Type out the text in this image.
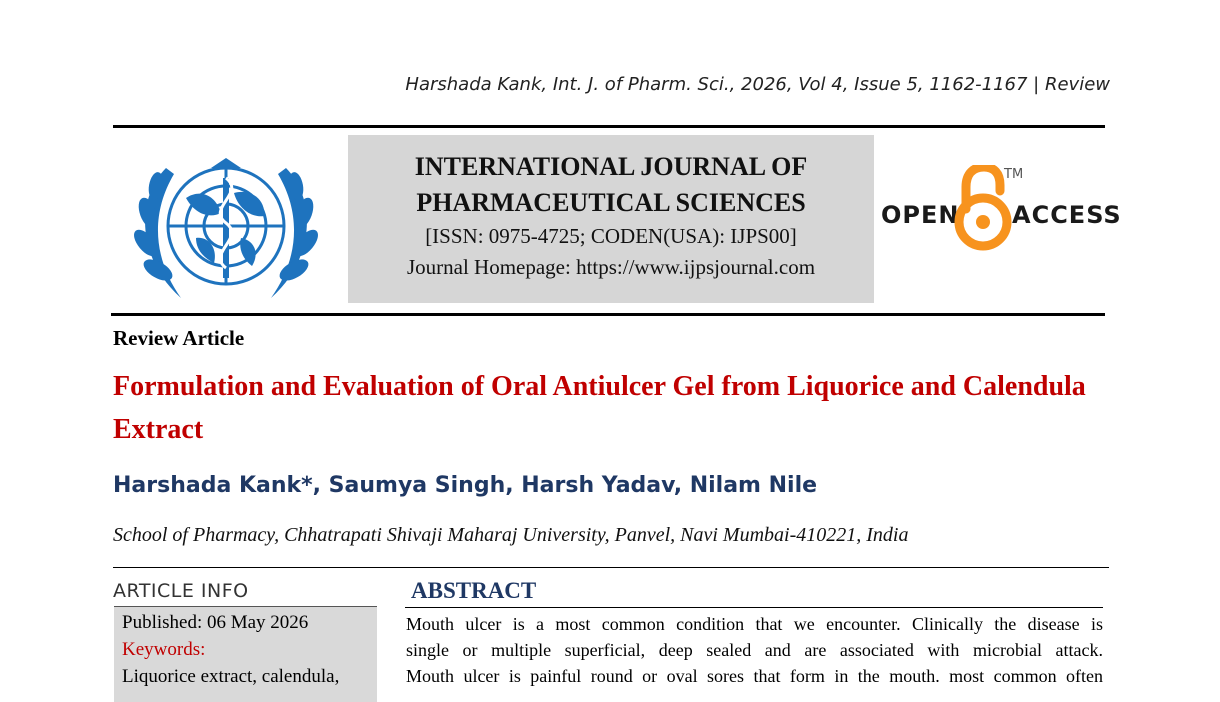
Harshada Kank, Int. J. of Pharm. Sci., 2026, Vol 4, Issue 5, 1162-1167 | Review
INTERNATIONAL JOURNAL OF
PHARMACEUTICAL SCIENCES
[ISSN: 0975-4725; CODEN(USA): IJPS00]
Journal Homepage: https://www.ijpsjournal.com
OPEN
TM
ACCESS
Review Article
Formulation and Evaluation of Oral Antiulcer Gel from Liquorice and Calendula Extract
Harshada Kank*, Saumya Singh, Harsh Yadav, Nilam Nile
School of Pharmacy, Chhatrapati Shivaji Maharaj University, Panvel, Navi Mumbai-410221, India
ARTICLE INFO
Published: 06 May 2026
Keywords:
Liquorice extract, calendula,
ABSTRACT
Mouth ulcer is a most common condition that we encounter. Clinically the disease is
single or multiple superficial, deep sealed and are associated with microbial attack.
Mouth ulcer is painful round or oval sores that form in the mouth. most common often
